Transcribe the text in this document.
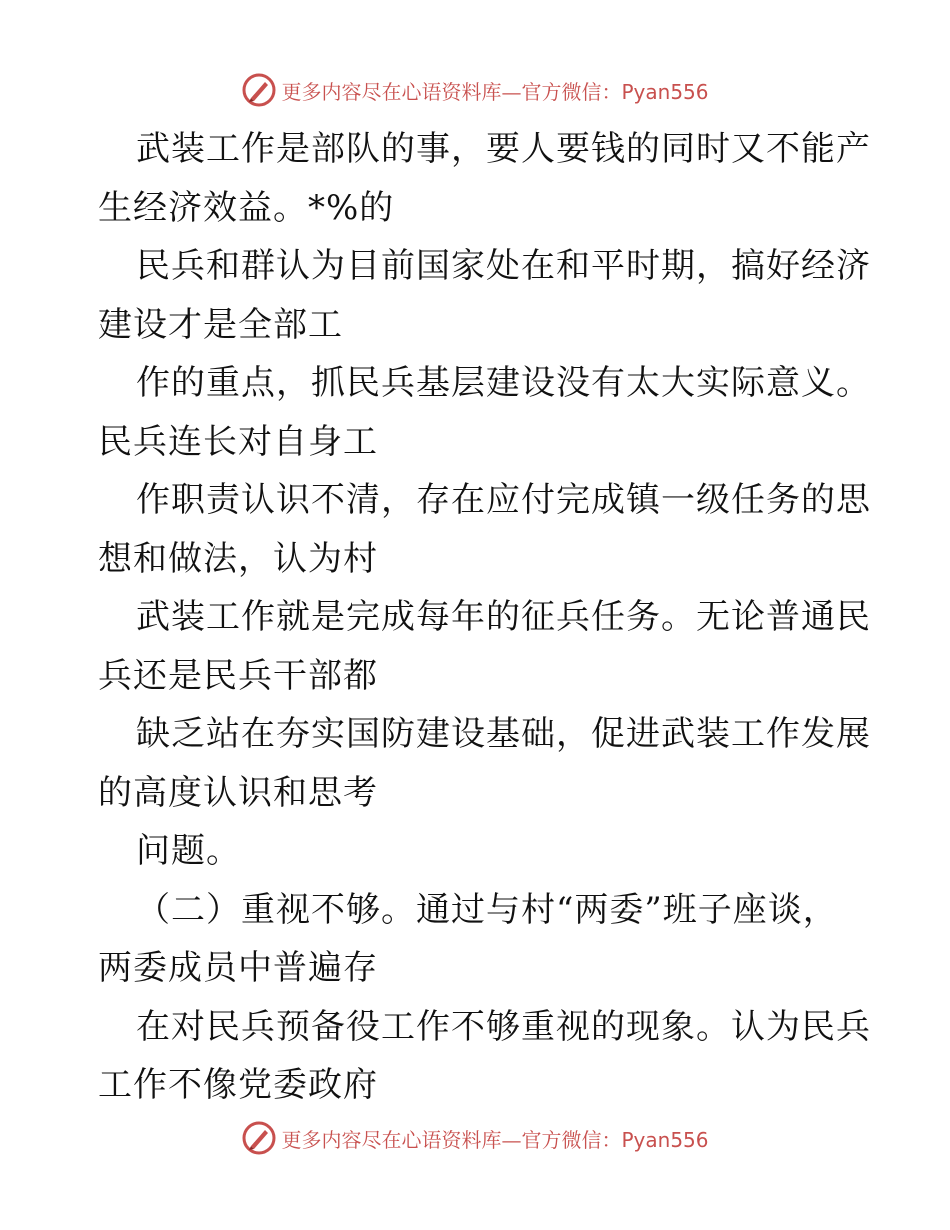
更多内容尽在心语资料库—官方微信：Pyan556
武装工作是部队的事，要人要钱的同时又不能产
生经济效益。*%的
民兵和群认为目前国家处在和平时期，搞好经济
建设才是全部工
作的重点，抓民兵基层建设没有太大实际意义。
民兵连长对自身工
作职责认识不清，存在应付完成镇一级任务的思
想和做法，认为村
武装工作就是完成每年的征兵任务。无论普通民
兵还是民兵干部都
缺乏站在夯实国防建设基础，促进武装工作发展
的高度认识和思考
问题。
（二）重视不够。通过与村“两委”班子座谈，
两委成员中普遍存
在对民兵预备役工作不够重视的现象。认为民兵
工作不像党委政府
更多内容尽在心语资料库—官方微信：Pyan556
